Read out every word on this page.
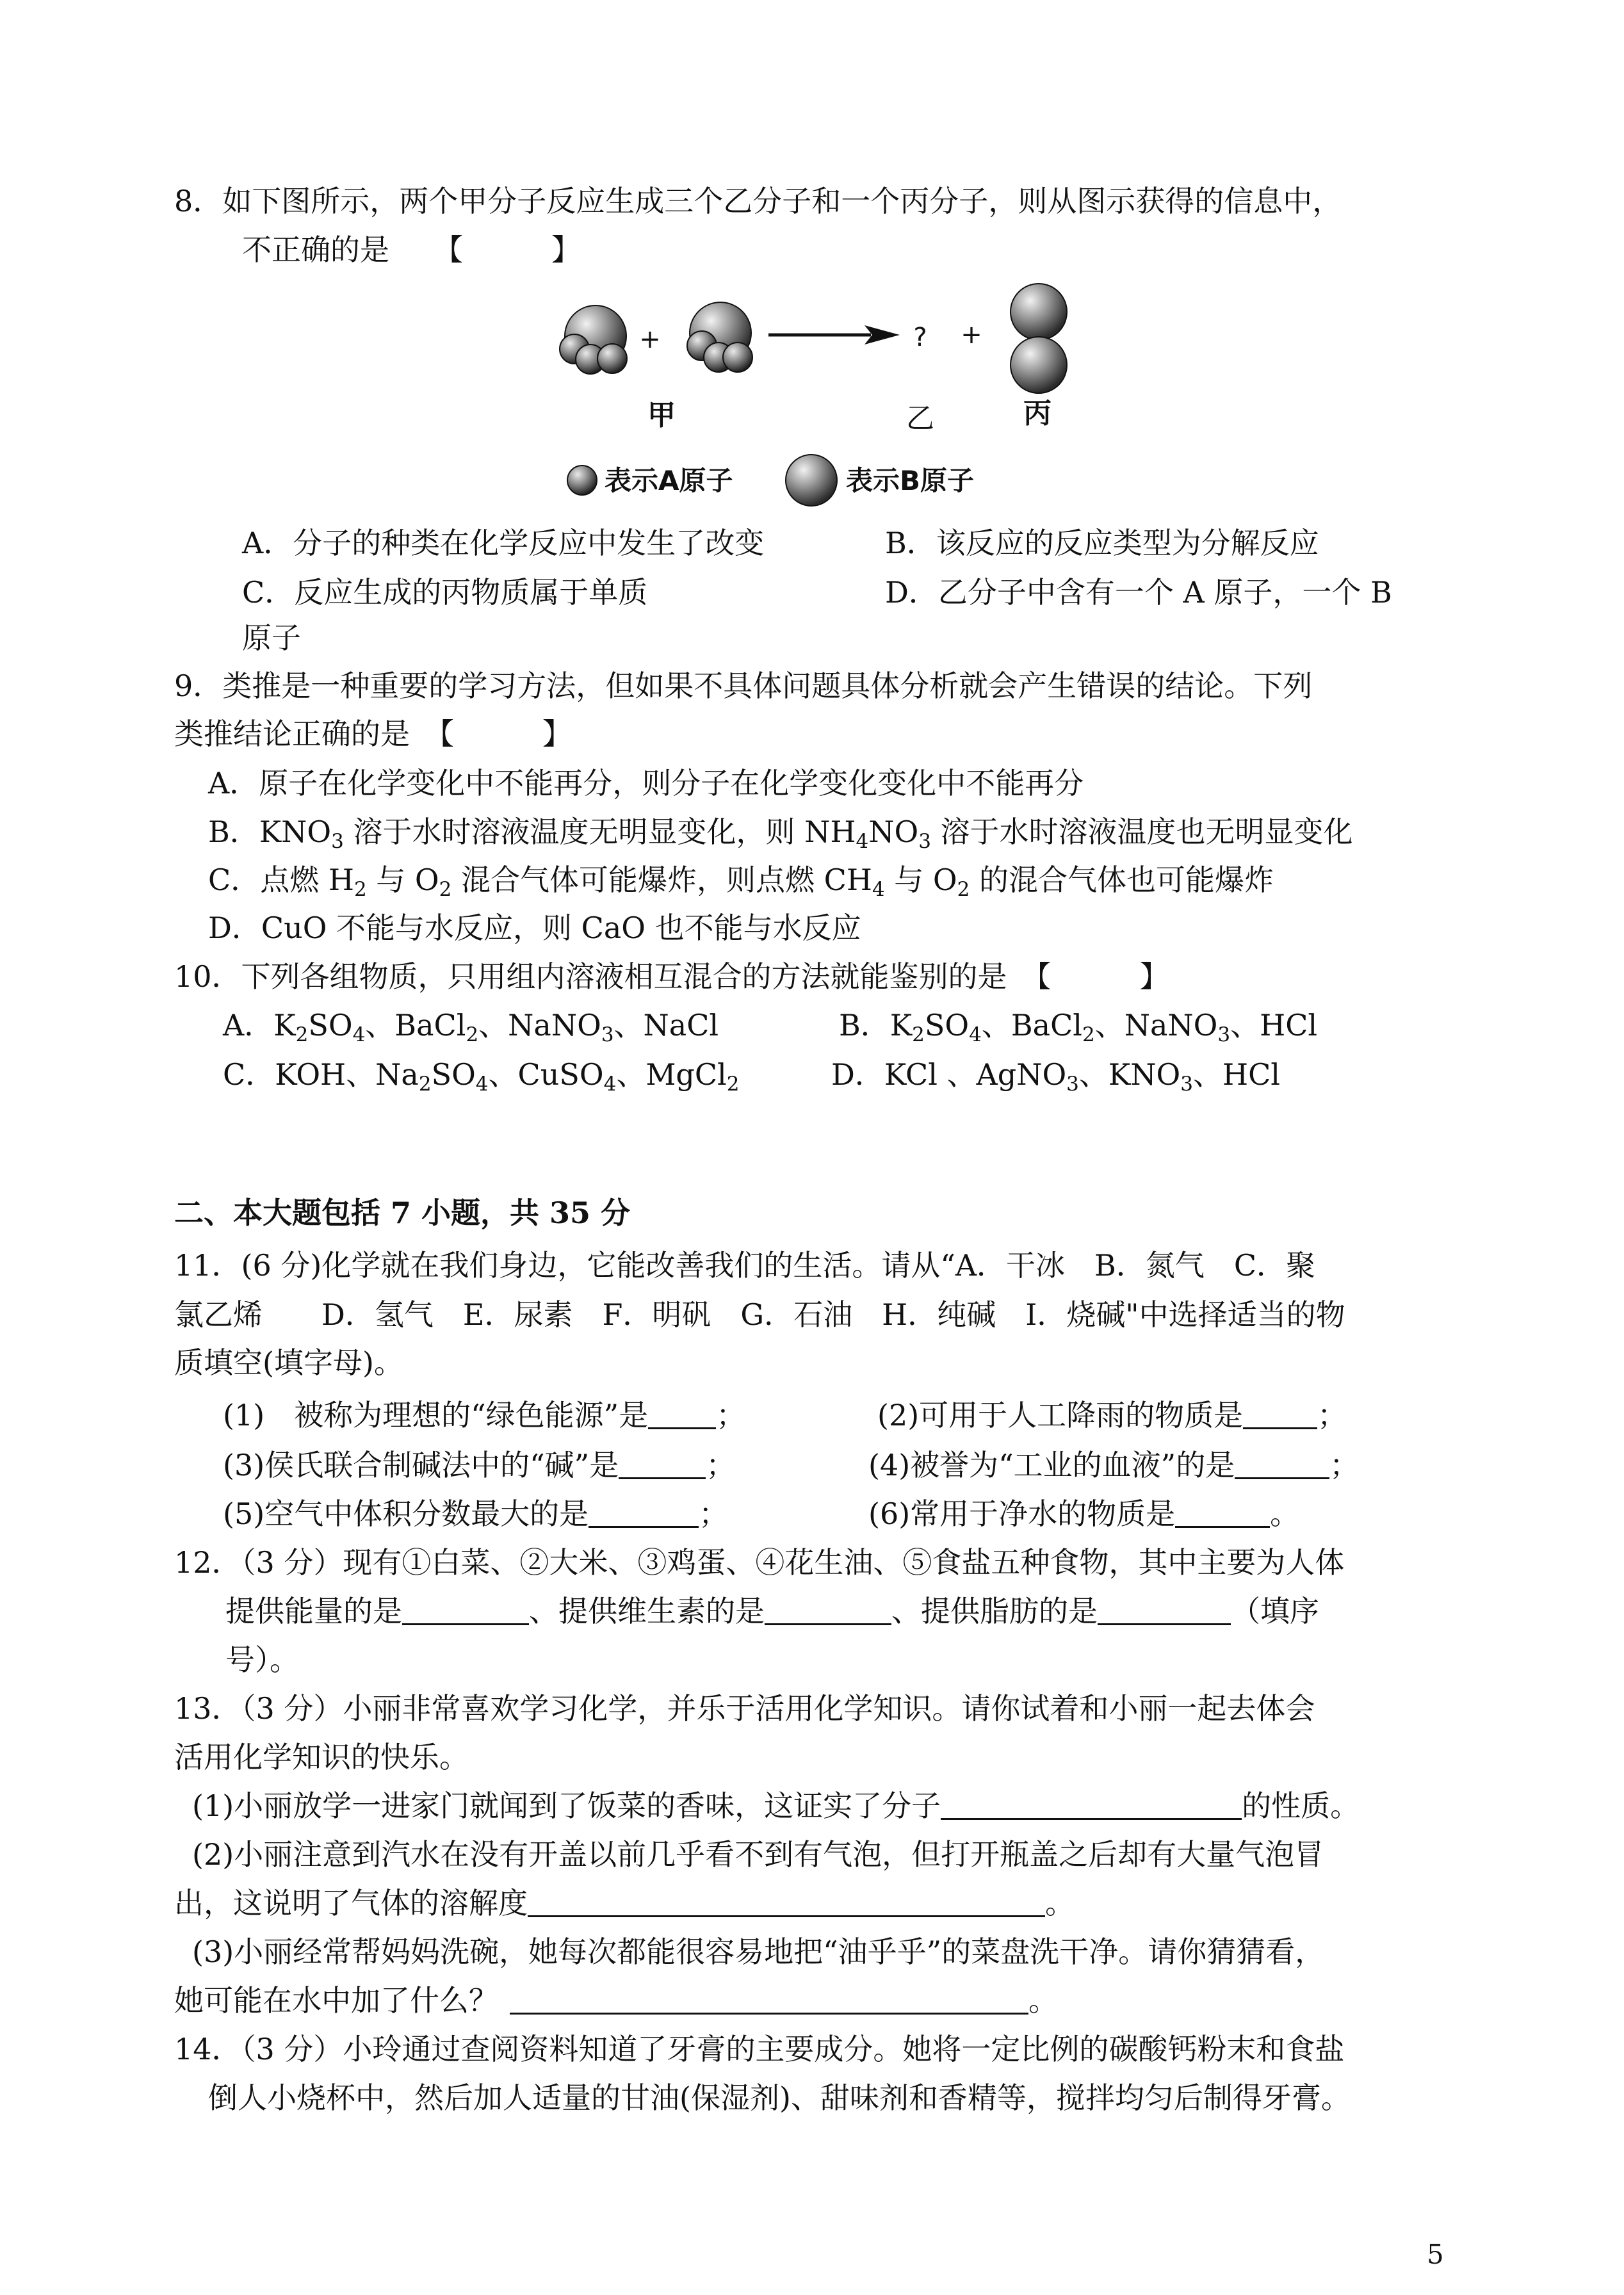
8．如下图所示，两个甲分子反应生成三个乙分子和一个丙分子，则从图示获得的信息中，
不正确的是　　【　　　】
+	? +
甲	乙	丙
表示A原子	表示B原子
A．分子的种类在化学反应中发生了改变	B．该反应的反应类型为分解反应
C．反应生成的丙物质属于单质	D．乙分子中含有一个 A 原子，一个 B
原子
9．类推是一种重要的学习方法，但如果不具体问题具体分析就会产生错误的结论。下列
类推结论正确的是　【　　　】
A．原子在化学变化中不能再分，则分子在化学变化变化中不能再分
B．$KNO_3$ 溶于水时溶液温度无明显变化，则 $NH_4NO_3$ 溶于水时溶液温度也无明显变化
C．点燃 $H_2$ 与 $O_2$ 混合气体可能爆炸，则点燃 $CH_4$ 与 $O_2$ 的混合气体也可能爆炸
D．CuO 不能与水反应，则 CaO 也不能与水反应
10．下列各组物质，只用组内溶液相互混合的方法就能鉴别的是　【　　　】
A．$K_2SO_4$、BaCl$_2$、NaNO$_3$、NaCl	B．$K_2SO_4$、BaCl$_2$、NaNO$_3$、HCl
C．KOH、$Na_2SO_4$、CuSO$_4$、MgCl$_2$	D．KCl 、AgNO$_3$、$KNO_3$、HCl
二、本大题包括 7 小题，共 35 分
11．(6 分)化学就在我们身边，它能改善我们的生活。请从“A．干冰　B．氮气　C．聚
氯乙烯　　D．氢气　E．尿素　F．明矾　G．石油　H．纯碱　I．烧碱"中选择适当的物
质填空(填字母)。
(1)　被称为理想的“绿色能源”是 ；	(2)可用于人工降雨的物质是	；
(3)侯氏联合制碱法中的“碱”是	；	(4)被誉为“工业的血液”的是	；
(5)空气中体积分数最大的是	；	(6)常用于净水的物质是	。
12．（3 分）现有①白菜、②大米、③鸡蛋、④花生油、⑤食盐五种食物，其中主要为人体
提供能量的是	、提供维生素的是	、提供脂肪的是	（填序
号）。
13．（3 分）小丽非常喜欢学习化学，并乐于活用化学知识。请你试着和小丽一起去体会
活用化学知识的快乐。
(1)小丽放学一进家门就闻到了饭菜的香味，这证实了分子	的性质。
(2)小丽注意到汽水在没有开盖以前几乎看不到有气泡，但打开瓶盖之后却有大量气泡冒
出，这说明了气体的溶解度	。
(3)小丽经常帮妈妈洗碗，她每次都能很容易地把“油乎乎”的菜盘洗干净。请你猜猜看，
她可能在水中加了什么？	。
14．（3 分）小玲通过查阅资料知道了牙膏的主要成分。她将一定比例的碳酸钙粉末和食盐
倒人小烧杯中，然后加人适量的甘油(保湿剂)、甜味剂和香精等，搅拌均匀后制得牙膏。
5
